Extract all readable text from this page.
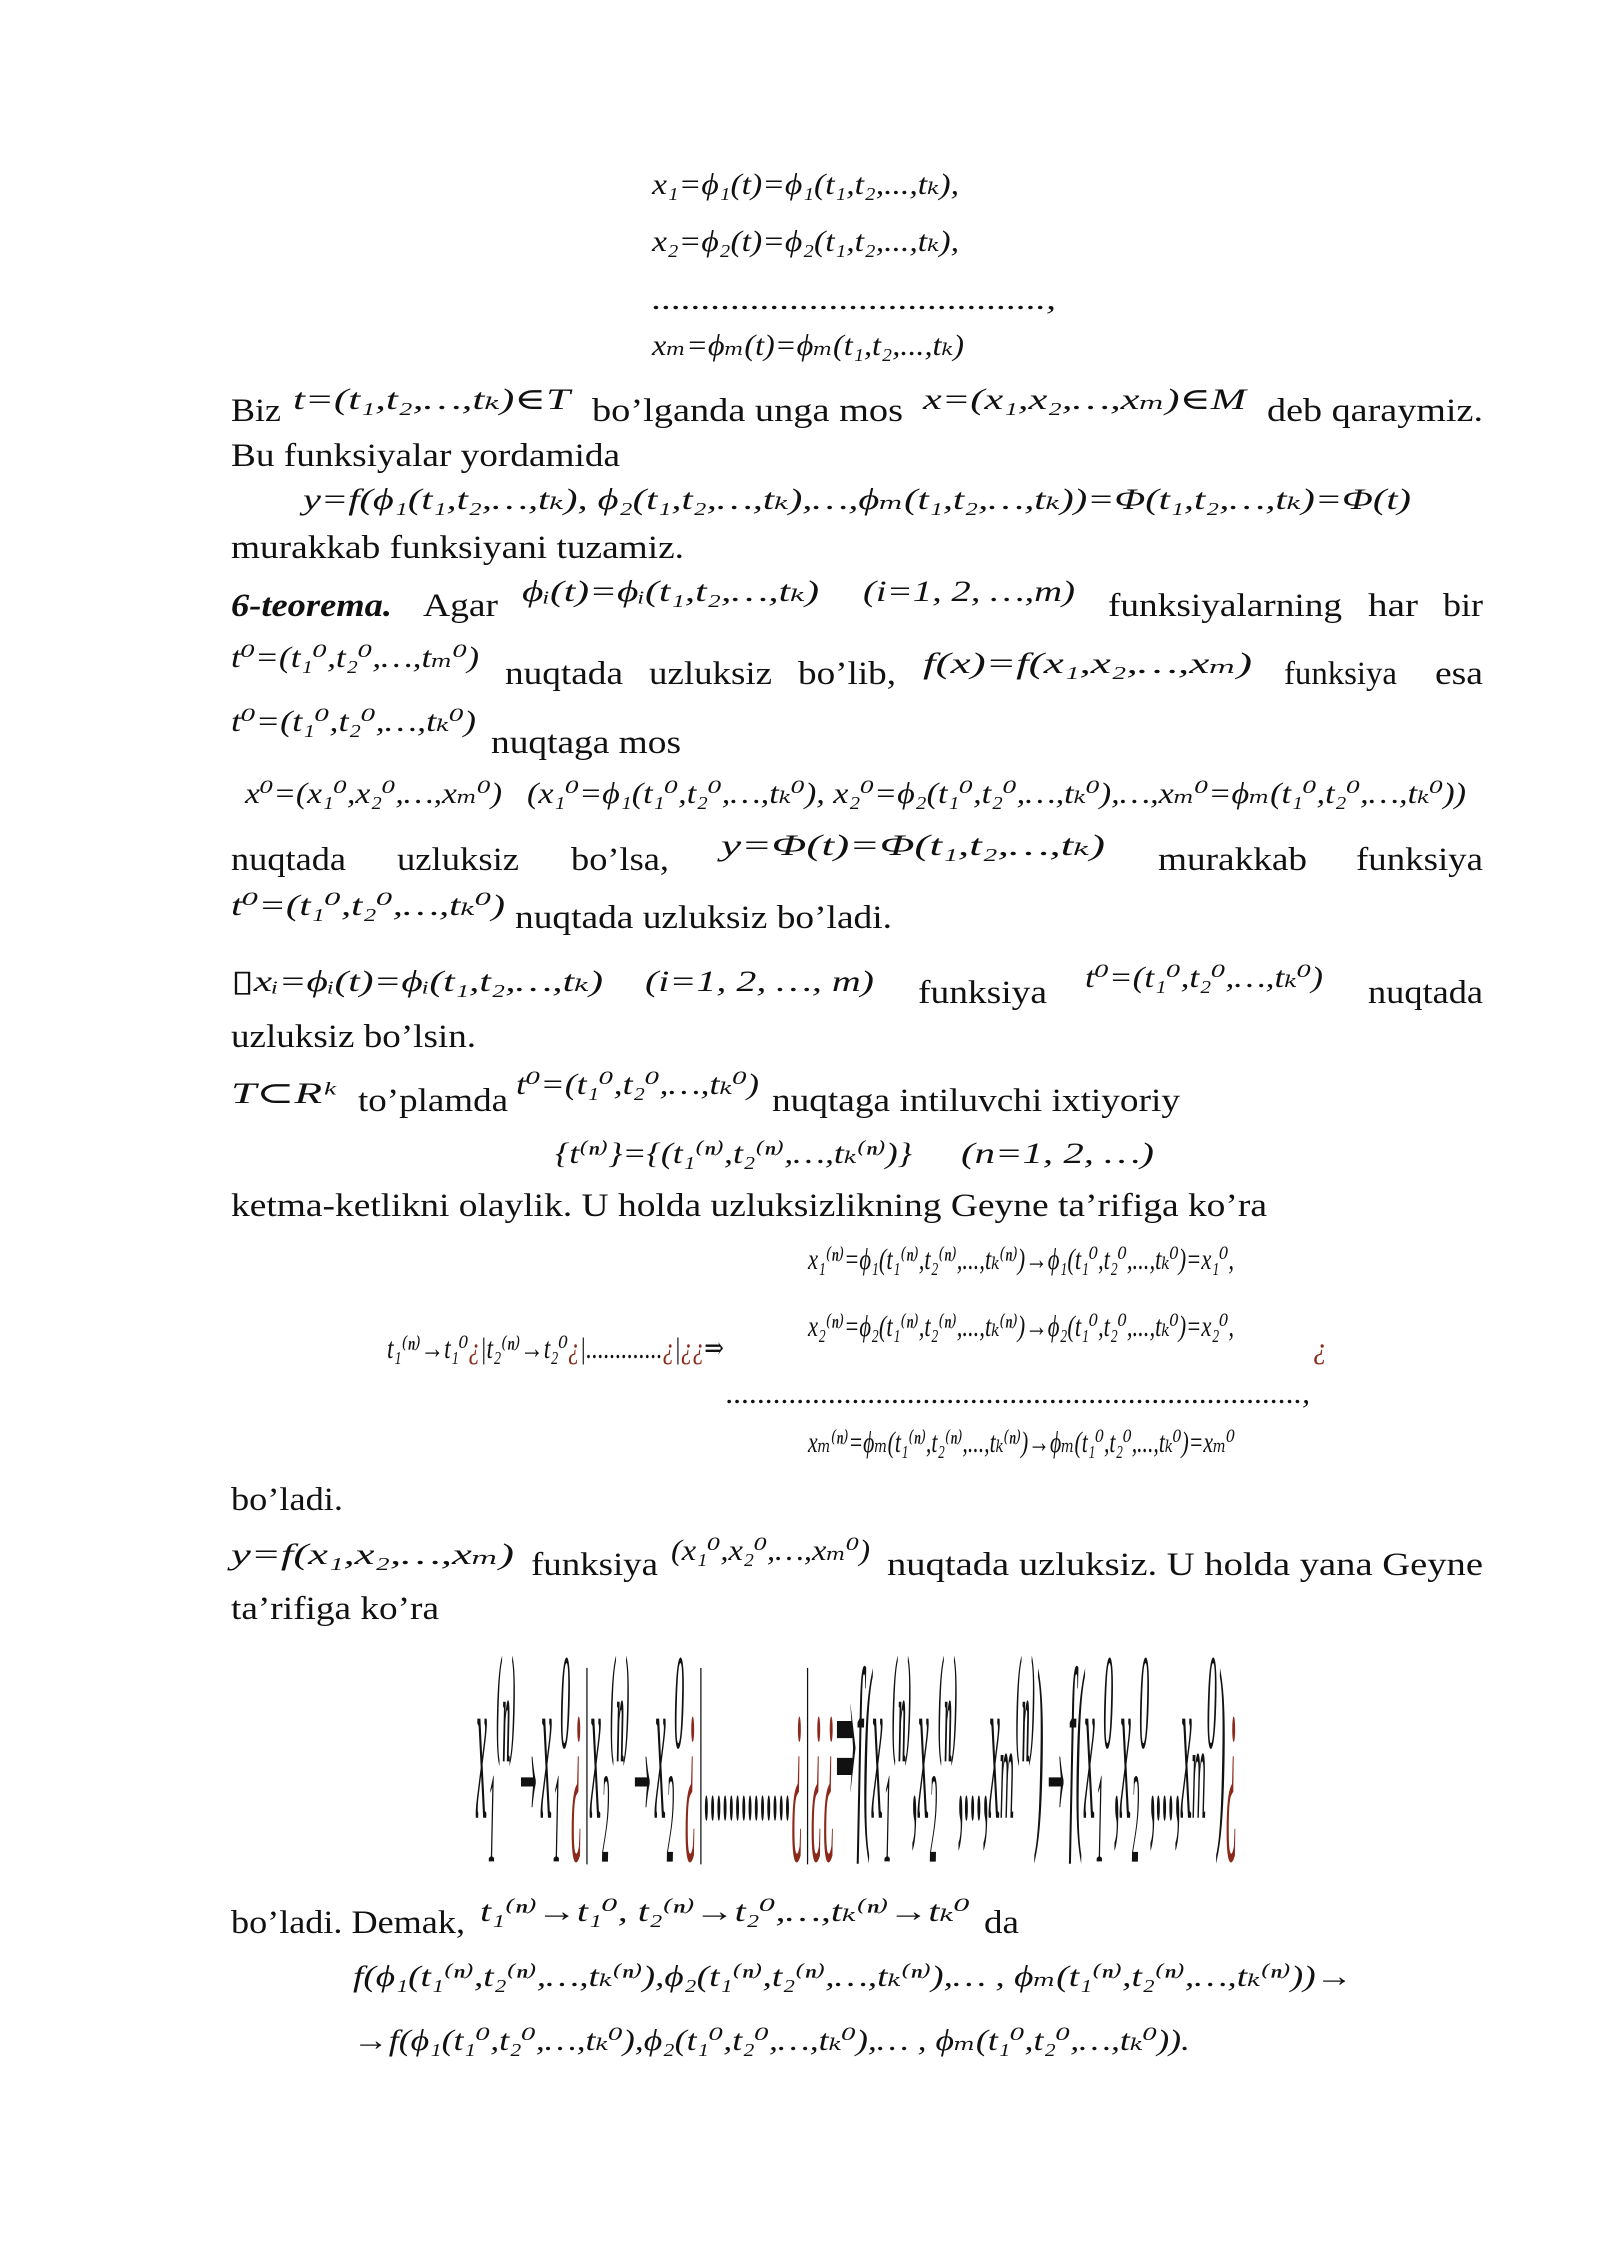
x₁=ϕ₁(t)=ϕ₁(t₁,t₂,...,tₖ),
x₂=ϕ₂(t)=ϕ₂(t₁,t₂,...,tₖ),
........................................,
xₘ=ϕₘ(t)=ϕₘ(t₁,t₂,...,tₖ)
Biz t=(t₁,t₂,…,tₖ)∈T bo’lganda unga mos x=(x₁,x₂,…,xₘ)∈M deb qaraymiz.
Bu funksiyalar yordamida
y=f(ϕ₁(t₁,t₂,…,tₖ), ϕ₂(t₁,t₂,…,tₖ),…,ϕₘ(t₁,t₂,…,tₖ))=Φ(t₁,t₂,…,tₖ)=Φ(t)
murakkab funksiyani tuzamiz.
6-teorema. Agar ϕᵢ(t)=ϕᵢ(t₁,t₂,…,tₖ) (i=1, 2, …,m) funksiyalarning har bir
t⁰=(t₁⁰,t₂⁰,…,tₘ⁰) nuqtada uzluksiz bo’lib, f(x)=f(x₁,x₂,…,xₘ) funksiya esa
t⁰=(t₁⁰,t₂⁰,…,tₖ⁰)
nuqtaga mos
x⁰=(x₁⁰,x₂⁰,…,xₘ⁰) (x₁⁰=ϕ₁(t₁⁰,t₂⁰,…,tₖ⁰), x₂⁰=ϕ₂(t₁⁰,t₂⁰,…,tₖ⁰),…,xₘ⁰=ϕₘ(t₁⁰,t₂⁰,…,tₖ⁰))
nuqtada uzluksiz bo’lsa, y=Φ(t)=Φ(t₁,t₂,…,tₖ) murakkab funksiya
t⁰=(t₁⁰,t₂⁰,…,tₖ⁰) nuqtada uzluksiz bo’ladi.
▯xᵢ=ϕᵢ(t)=ϕᵢ(t₁,t₂,…,tₖ) (i=1, 2, …, m) funksiya t⁰=(t₁⁰,t₂⁰,…,tₖ⁰) nuqtada
uzluksiz bo’lsin.
T⊂Rᵏ to’plamda t⁰=(t₁⁰,t₂⁰,…,tₖ⁰) nuqtaga intiluvchi ixtiyoriy
{t⁽ⁿ⁾}={(t₁⁽ⁿ⁾,t₂⁽ⁿ⁾,…,tₖ⁽ⁿ⁾)} (n=1, 2, …)
ketma-ketlikni olaylik. U holda uzluksizlikning Geyne ta’rifiga ko’ra
t₁⁽ⁿ⁾→t₁⁰¿|t₂⁽ⁿ⁾→t₂⁰¿|.............¿|¿¿⇒
x₁⁽ⁿ⁾=ϕ₁(t₁⁽ⁿ⁾,t₂⁽ⁿ⁾,...,tₖ⁽ⁿ⁾)→ϕ₁(t₁⁰,t₂⁰,...,tₖ⁰)=x₁⁰,
x₂⁽ⁿ⁾=ϕ₂(t₁⁽ⁿ⁾,t₂⁽ⁿ⁾,...,tₖ⁽ⁿ⁾)→ϕ₂(t₁⁰,t₂⁰,...,tₖ⁰)=x₂⁰,
.........................................................................,
xₘ⁽ⁿ⁾=ϕₘ(t₁⁽ⁿ⁾,t₂⁽ⁿ⁾,...,tₖ⁽ⁿ⁾)→ϕₘ(t₁⁰,t₂⁰,...,tₖ⁰)=xₘ⁰
¿
bo’ladi.
y=f(x₁,x₂,…,xₘ) funksiya (x₁⁰,x₂⁰,…,xₘ⁰) nuqtada uzluksiz. U holda yana Geyne
ta’rifiga ko’ra
x₁⁽ⁿ⁾→x₁⁰¿|x₂⁽ⁿ⁾→x₂⁰¿|..............¿|¿¿⇒f(x₁⁽ⁿ⁾,x₂⁽ⁿ⁾,...,xₘ⁽ⁿ⁾)→f(x₁⁰,x₂⁰,...,xₘ⁰)¿
bo’ladi. Demak, t₁⁽ⁿ⁾→t₁⁰, t₂⁽ⁿ⁾→t₂⁰,…,tₖ⁽ⁿ⁾→tₖ⁰ da
f(ϕ₁(t₁⁽ⁿ⁾,t₂⁽ⁿ⁾,…,tₖ⁽ⁿ⁾),ϕ₂(t₁⁽ⁿ⁾,t₂⁽ⁿ⁾,…,tₖ⁽ⁿ⁾),… , ϕₘ(t₁⁽ⁿ⁾,t₂⁽ⁿ⁾,…,tₖ⁽ⁿ⁾))→
→f(ϕ₁(t₁⁰,t₂⁰,…,tₖ⁰),ϕ₂(t₁⁰,t₂⁰,…,tₖ⁰),… , ϕₘ(t₁⁰,t₂⁰,…,tₖ⁰)).
